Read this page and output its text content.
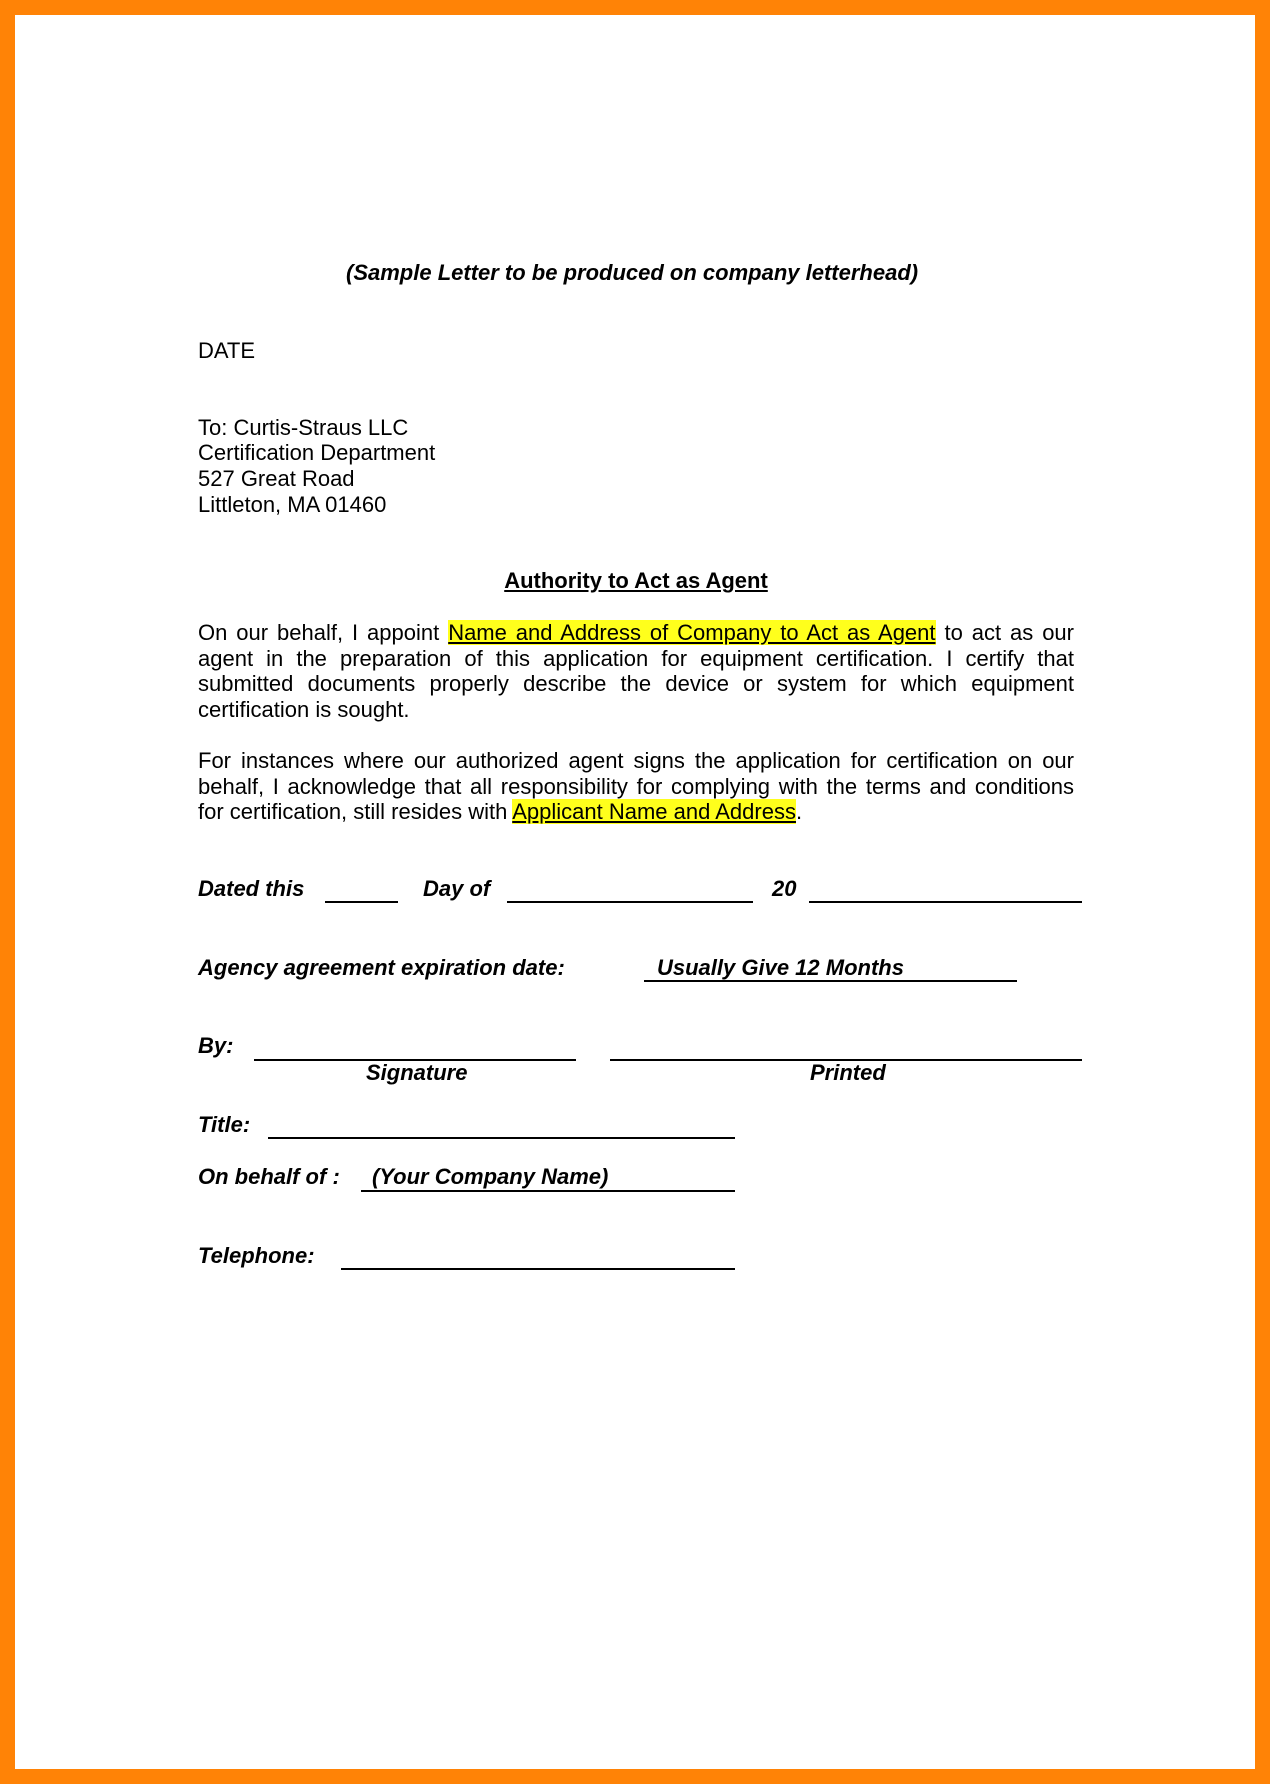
(Sample Letter to be produced on company letterhead)
DATE
To: Curtis-Straus LLC
Certification Department
527 Great Road
Littleton, MA 01460
Authority to Act as Agent
On our behalf, I appoint Name and Address of Company to Act as Agent to act as our agent in the preparation of this application for equipment certification. I certify that submitted documents properly describe the device or system for which equipment certification is sought.
For instances where our authorized agent signs the application for certification on our behalf, I acknowledge that all responsibility for complying with the terms and conditions for certification, still resides with Applicant Name and Address.
Dated this	Day of	20
Agency agreement expiration date:	Usually Give 12 Months
By:
Signature	Printed
Title:
On behalf of : (Your Company Name)
Telephone:
